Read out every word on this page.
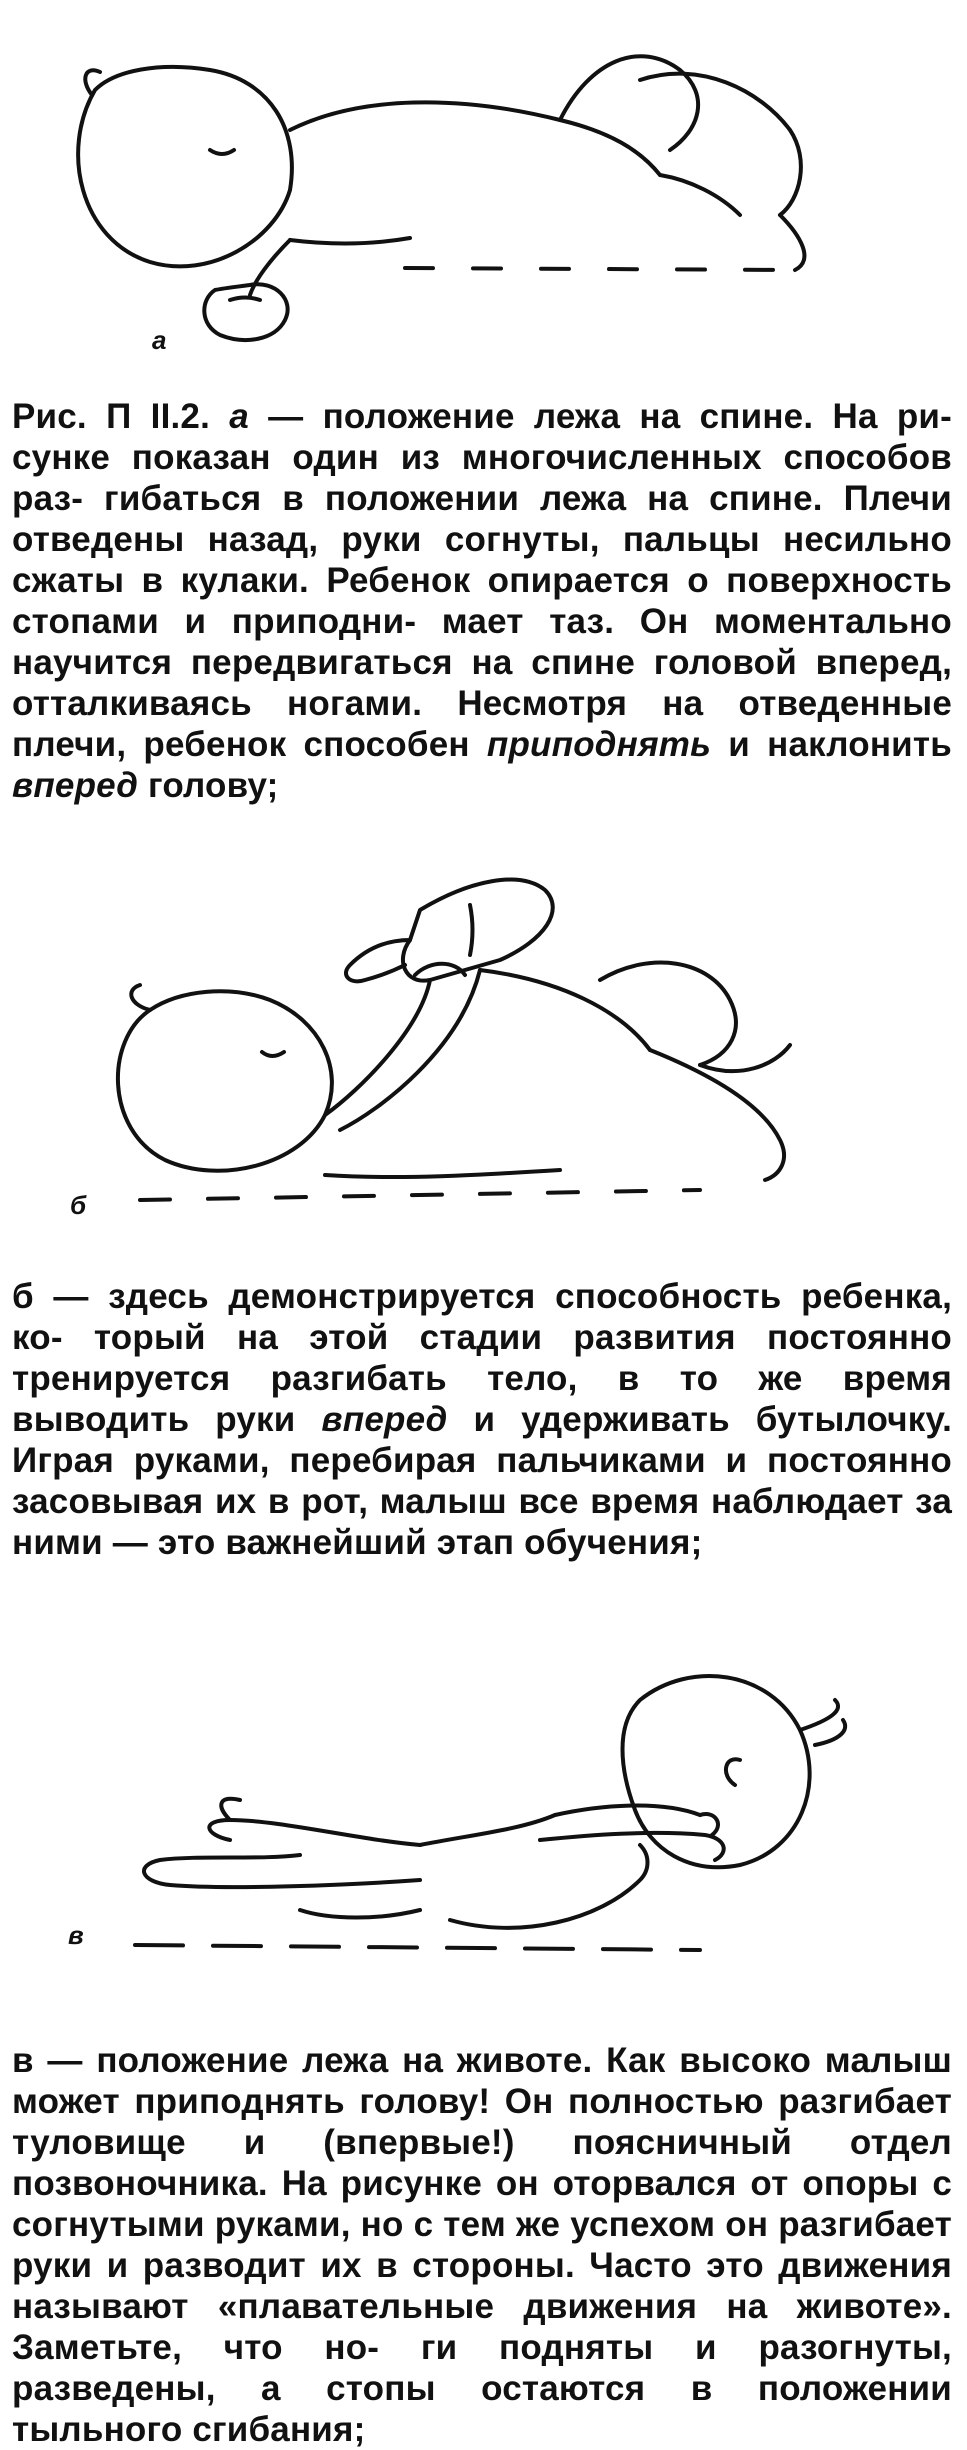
а

Рис. П II.2. а — положение лежа на спине. На ри- сунке показан один из многочисленных способов раз- гибаться в положении лежа на спине. Плечи отведены назад, руки согнуты, пальцы несильно сжаты в кулаки. Ребенок опирается о поверхность стопами и приподни- мает таз. Он моментально научится передвигаться на спине головой вперед, отталкиваясь ногами. Несмотря на отведенные плечи, ребенок способен приподнять и наклонить вперед голову;

б

б — здесь демонстрируется способность ребенка, ко- торый на этой стадии развития постоянно тренируется разгибать тело, в то же время выводить руки вперед и удерживать бутылочку. Играя руками, перебирая пальчиками и постоянно засовывая их в рот, малыш все время наблюдает за ними — это важнейший этап обучения;

в

в — положение лежа на животе. Как высоко малыш может приподнять голову! Он полностью разгибает туловище и (впервые!) поясничный отдел позвоночника. На рисунке он оторвался от опоры с согнутыми руками, но с тем же успехом он разгибает руки и разводит их в стороны. Часто это движения называют «плавательные движения на животе». Заметьте, что но- ги подняты и разогнуты, разведены, а стопы остаются в положении тыльного сгибания;
